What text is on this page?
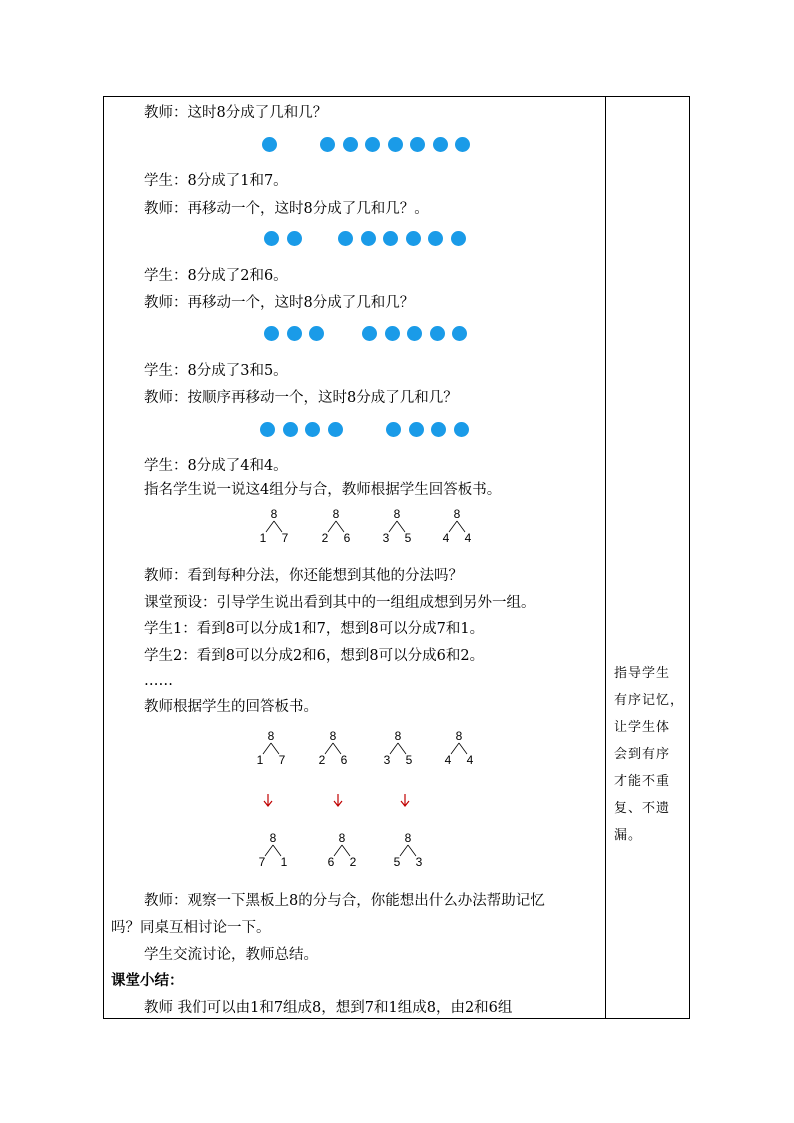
教师：这时8分成了几和几？
学生：8分成了1和7。
教师：再移动一个，这时8分成了几和几？。
学生：8分成了2和6。
教师：再移动一个，这时8分成了几和几？
学生：8分成了3和5。
教师：按顺序再移动一个，这时8分成了几和几？
学生：8分成了4和4。
指名学生说一说这4组分与合，教师根据学生回答板书。
8
1 7
8
2 6
8
3 5
8
4 4
8
1 7
8
2 6
8
3 5
8
4 4
8
7 1
8
6 2
8
5 3
教师：看到每种分法，你还能想到其他的分法吗？
课堂预设：引导学生说出看到其中的一组组成想到另外一组。
学生1：看到8可以分成1和7，想到8可以分成7和1。
学生2：看到8可以分成2和6，想到8可以分成6和2。
……
教师根据学生的回答板书。
教师：观察一下黑板上8的分与合，你能想出什么办法帮助记忆
吗？同桌互相讨论一下。
学生交流讨论，教师总结。
课堂小结：
教师 我们可以由1和7组成8，想到7和1组成8，由2和6组
指导学生
有序记忆，
让学生体
会到有序
才能不重
复、不遗
漏。
